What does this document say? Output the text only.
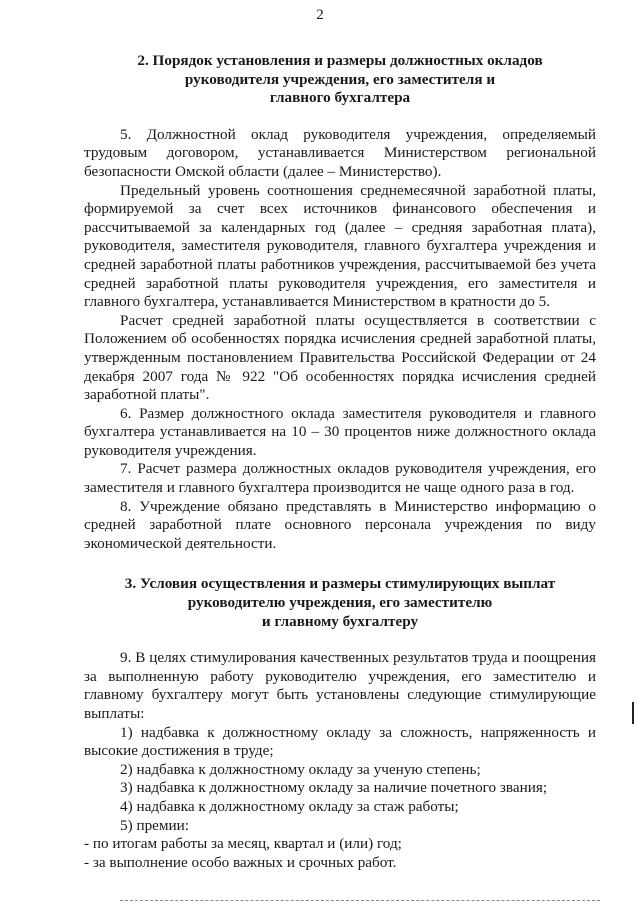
2
2. Порядок установления и размеры должностных окладов
руководителя учреждения, его заместителя и
главного бухгалтера

5. Должностной оклад руководителя учреждения, определяемый трудовым договором, устанавливается Министерством региональной безопасности Омской области (далее – Министерство).

Предельный уровень соотношения среднемесячной заработной платы, формируемой за счет всех источников финансового обеспечения и рассчитываемой за календарных год (далее – средняя заработная плата), руководителя, заместителя руководителя, главного бухгалтера учреждения и средней заработной платы работников учреждения, рассчитываемой без учета средней заработной платы руководителя учреждения, его заместителя и главного бухгалтера, устанавливается Министерством в кратности до 5.

Расчет средней заработной платы осуществляется в соответствии с Положением об особенностях порядка исчисления средней заработной платы, утвержденным постановлением Правительства Российской Федерации от 24 декабря 2007 года № 922 "Об особенностях порядка исчисления средней заработной платы".

6. Размер должностного оклада заместителя руководителя и главного бухгалтера устанавливается на 10 – 30 процентов ниже должностного оклада руководителя учреждения.

7. Расчет размера должностных окладов руководителя учреждения, его заместителя и главного бухгалтера производится не чаще одного раза в год.

8. Учреждение обязано представлять в Министерство информацию о средней заработной плате основного персонала учреждения по виду экономической деятельности.

3. Условия осуществления и размеры стимулирующих выплат
руководителю учреждения, его заместителю
и главному бухгалтеру

9. В целях стимулирования качественных результатов труда и поощрения за выполненную работу руководителю учреждения, его заместителю и главному бухгалтеру могут быть установлены следующие стимулирующие выплаты:

1) надбавка к должностному окладу за сложность, напряженность и высокие достижения в труде;

2) надбавка к должностному окладу за ученую степень;

3) надбавка к должностному окладу за наличие почетного звания;

4) надбавка к должностному окладу за стаж работы;

5) премии:

- по итогам работы за месяц, квартал и (или) год;

- за выполнение особо важных и срочных работ.
